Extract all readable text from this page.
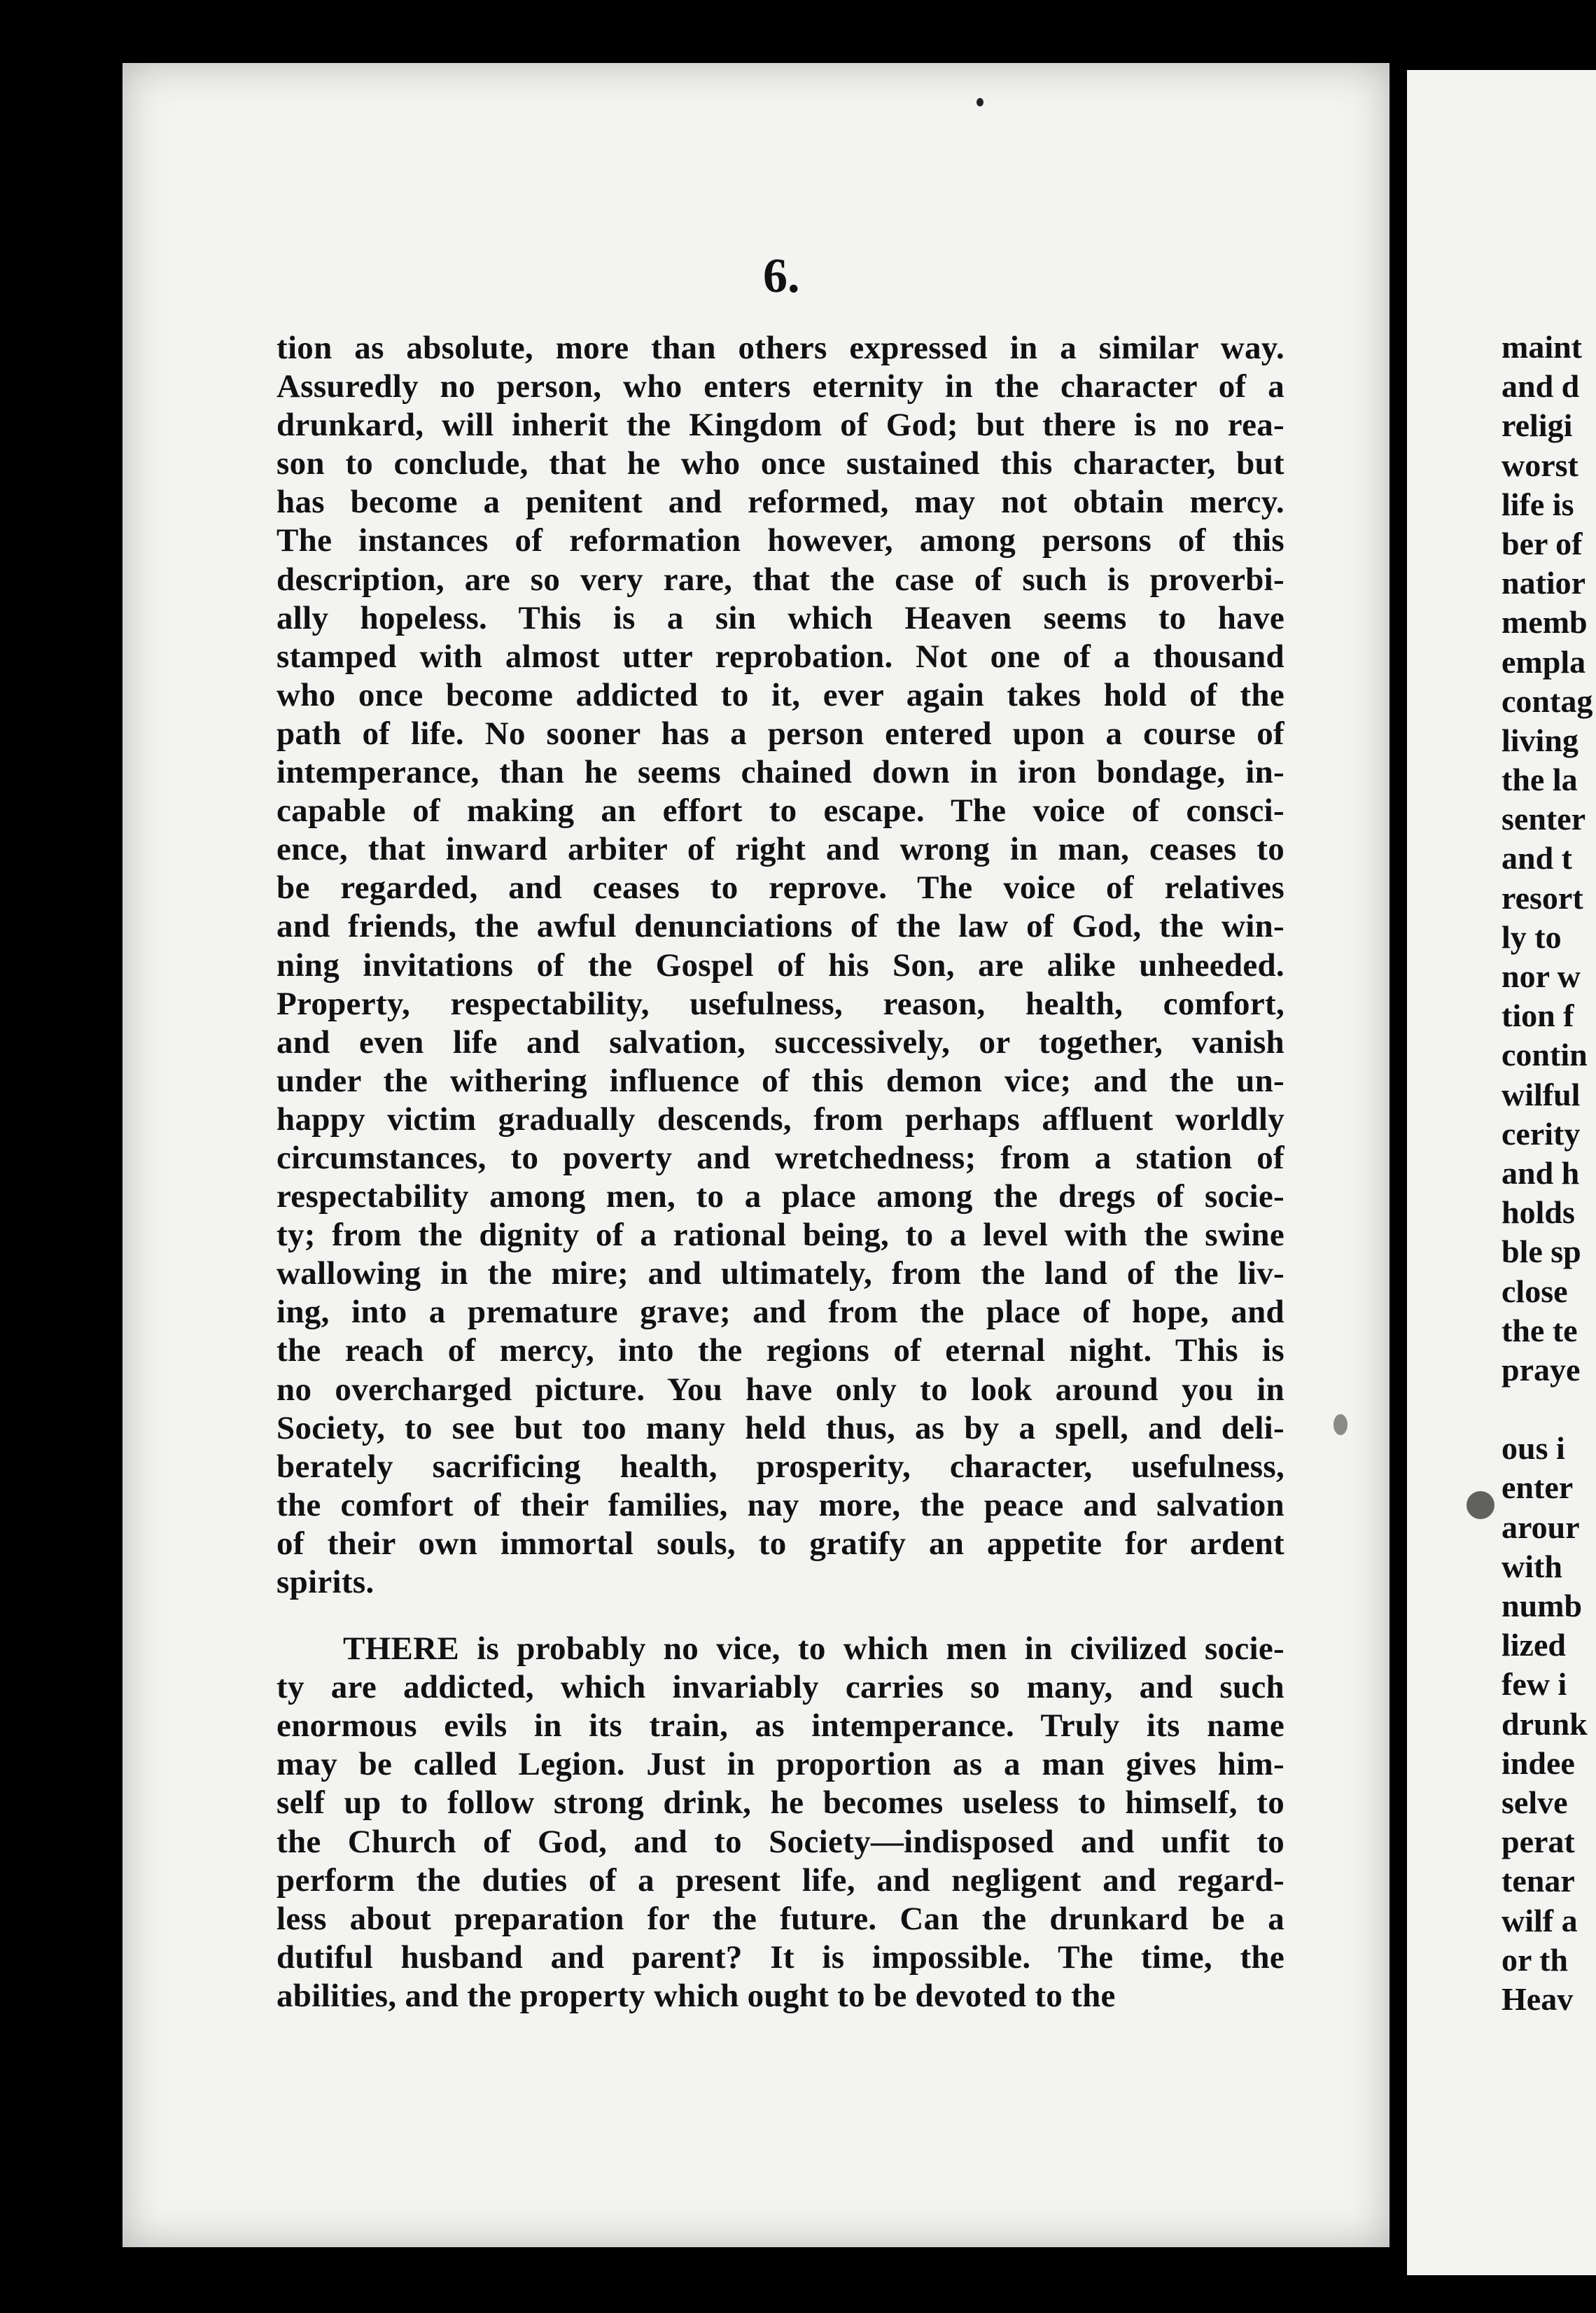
6.
tion as absolute, more than others expressed in a similar way.
Assuredly no person, who enters eternity in the character of a
drunkard, will inherit the Kingdom of God; but there is no rea-
son to conclude, that he who once sustained this character, but
has become a penitent and reformed, may not obtain mercy.
The instances of reformation however, among persons of this
description, are so very rare, that the case of such is proverbi-
ally hopeless. This is a sin which Heaven seems to have
stamped with almost utter reprobation. Not one of a thousand
who once become addicted to it, ever again takes hold of the
path of life. No sooner has a person entered upon a course of
intemperance, than he seems chained down in iron bondage, in-
capable of making an effort to escape. The voice of consci-
ence, that inward arbiter of right and wrong in man, ceases to
be regarded, and ceases to reprove. The voice of relatives
and friends, the awful denunciations of the law of God, the win-
ning invitations of the Gospel of his Son, are alike unheeded.
Property, respectability, usefulness, reason, health, comfort,
and even life and salvation, successively, or together, vanish
under the withering influence of this demon vice; and the un-
happy victim gradually descends, from perhaps affluent worldly
circumstances, to poverty and wretchedness; from a station of
respectability among men, to a place among the dregs of socie-
ty; from the dignity of a rational being, to a level with the swine
wallowing in the mire; and ultimately, from the land of the liv-
ing, into a premature grave; and from the place of hope, and
the reach of mercy, into the regions of eternal night. This is
no overcharged picture. You have only to look around you in
Society, to see but too many held thus, as by a spell, and deli-
berately sacrificing health, prosperity, character, usefulness,
the comfort of their families, nay more, the peace and salvation
of their own immortal souls, to gratify an appetite for ardent
spirits.
THERE is probably no vice, to which men in civilized socie-
ty are addicted, which invariably carries so many, and such
enormous evils in its train, as intemperance. Truly its name
may be called Legion. Just in proportion as a man gives him-
self up to follow strong drink, he becomes useless to himself, to
the Church of God, and to Society—indisposed and unfit to
perform the duties of a present life, and negligent and regard-
less about preparation for the future. Can the drunkard be a
dutiful husband and parent? It is impossible. The time, the
abilities, and the property which ought to be devoted to the
maint
and d
religi
worst
life is
ber of
natior
memb
empla
contag
living
the la
senter
and t
resort
ly to
nor w
tion f
contin
wilful
cerity
and h
holds
ble sp
close
the te
praye
ous i
enter
arour
with
numb
lized
few i
drunk
indee
selve
perat
tenar
wilf a
or th
Heav
